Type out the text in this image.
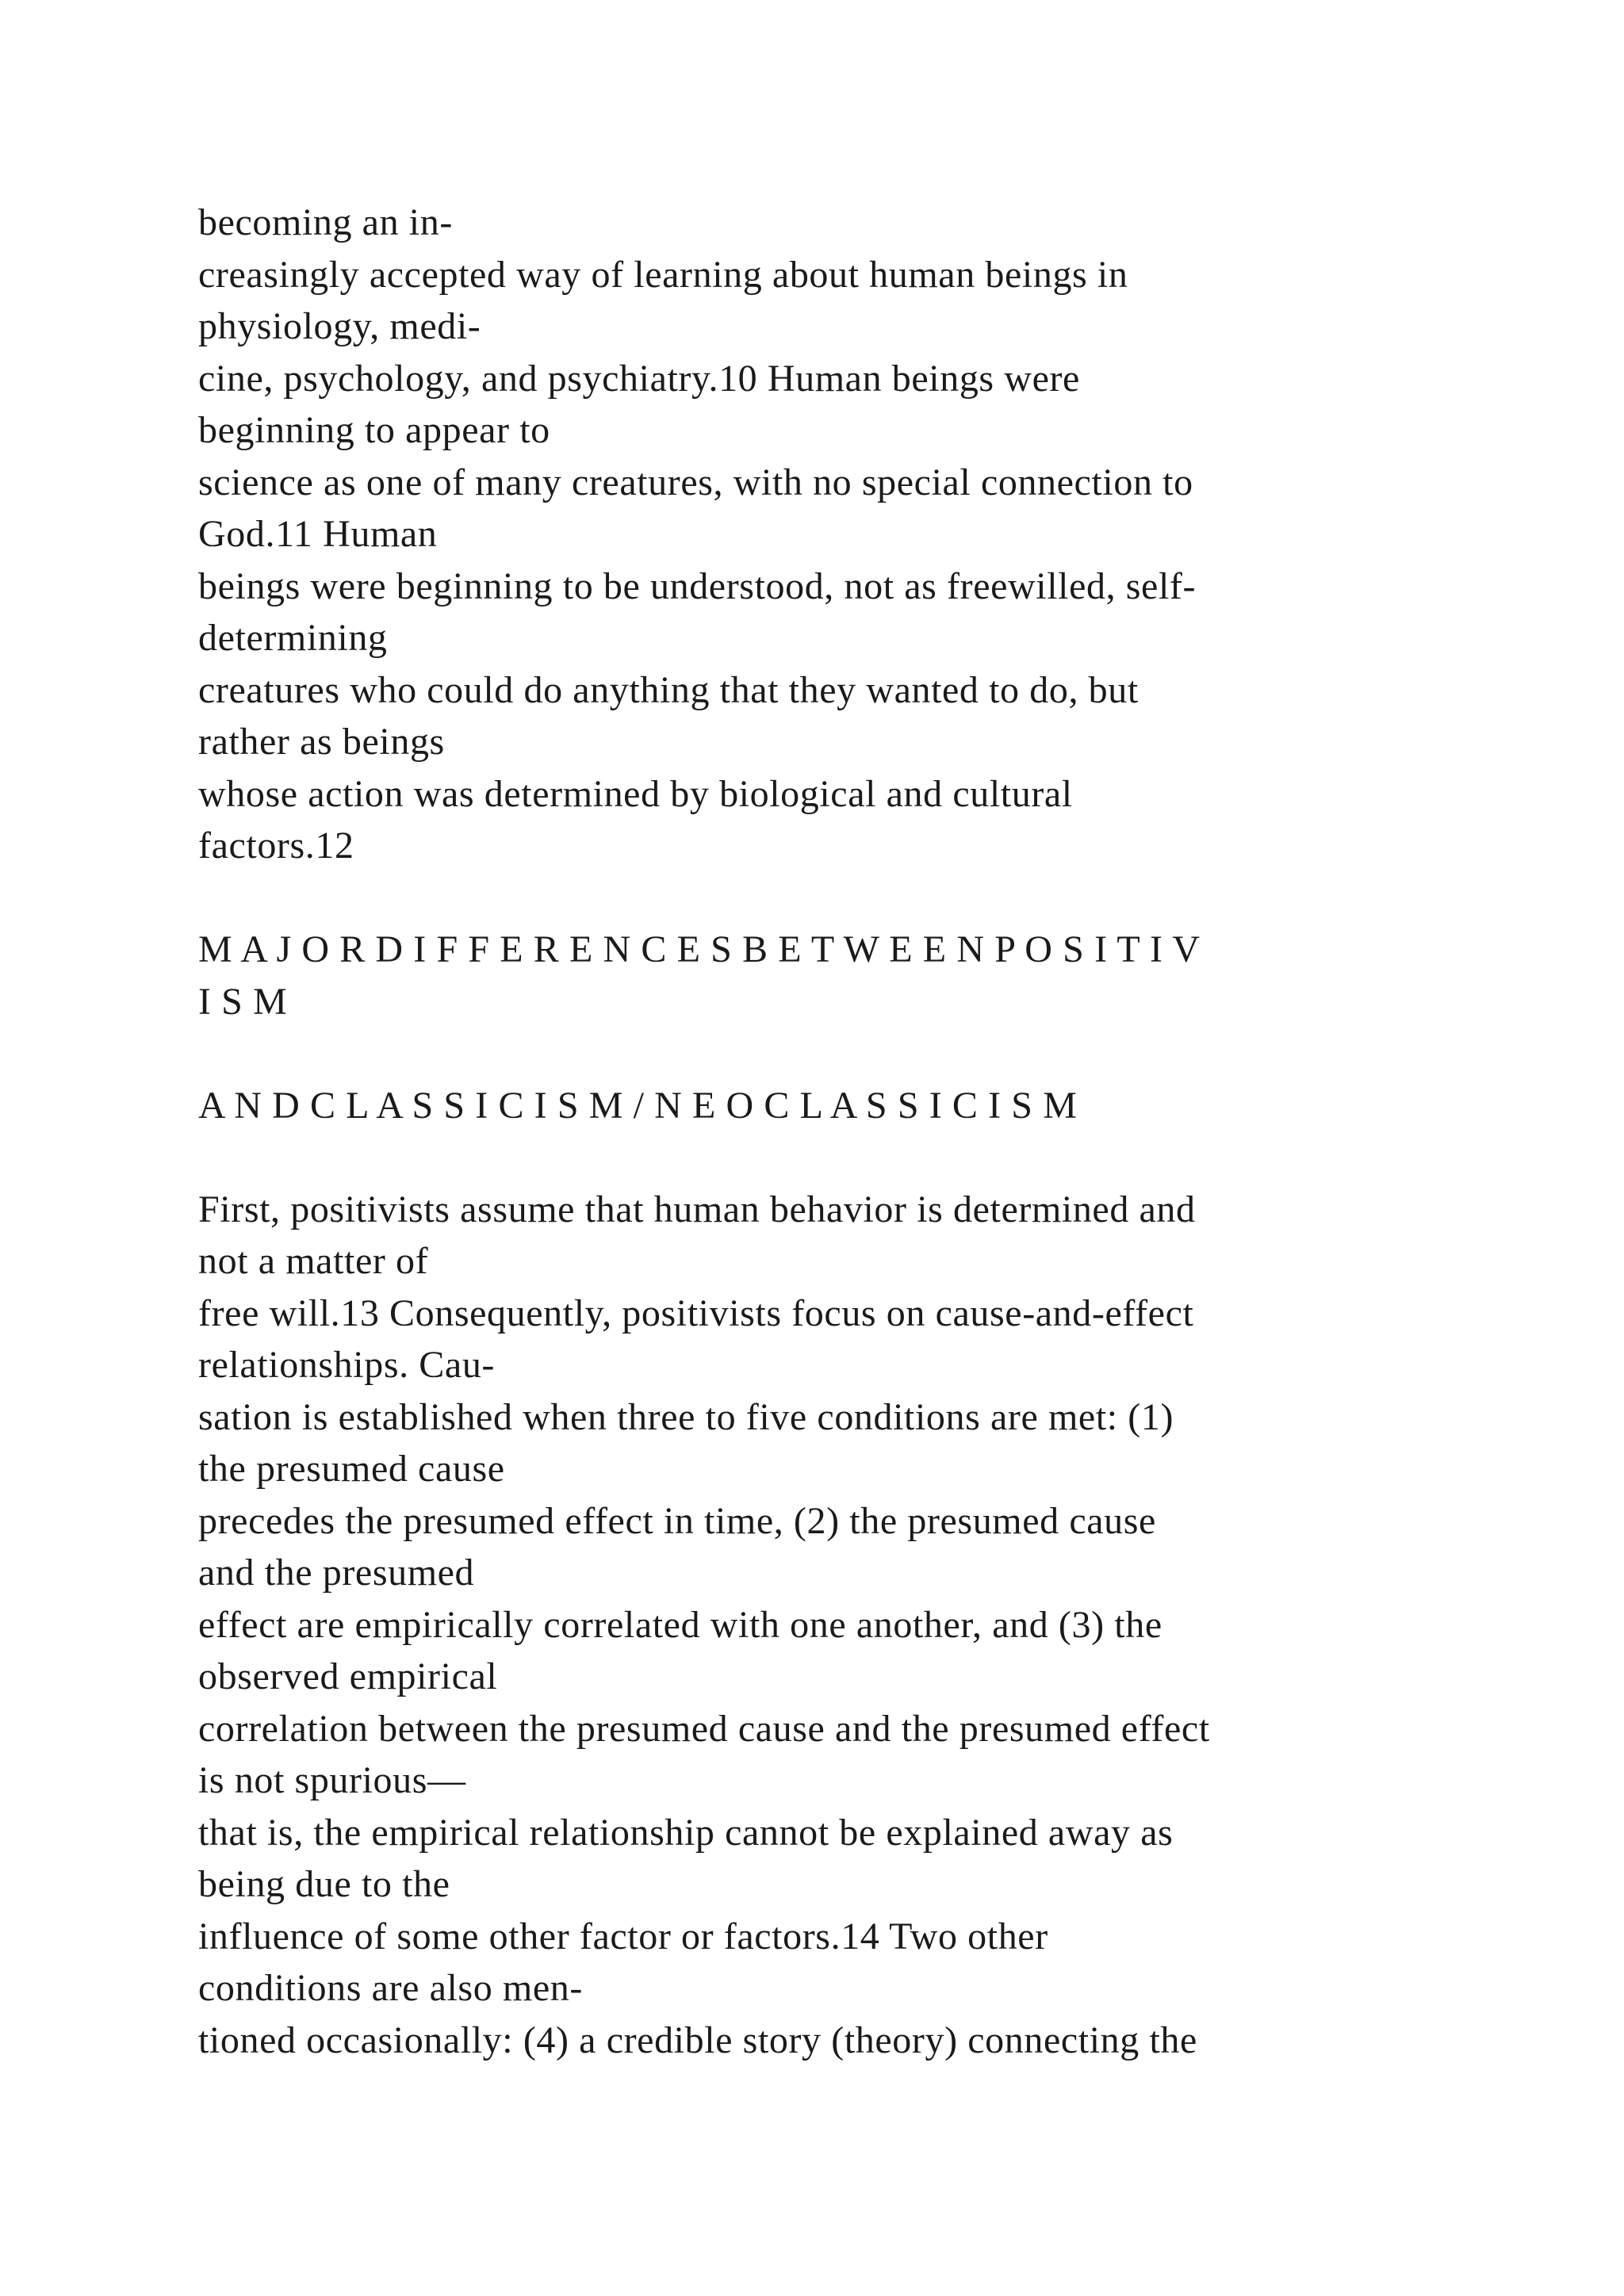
becoming an in-
creasingly accepted way of learning about human beings in
physiology, medi-
cine, psychology, and psychiatry.10 Human beings were
beginning to appear to
science as one of many creatures, with no special connection to
God.11 Human
beings were beginning to be understood, not as freewilled, self-
determining
creatures who could do anything that they wanted to do, but
rather as beings
whose action was determined by biological and cultural
factors.12
M A J O R D I F F E R E N C E S B E T W E E N P O S I T I V
I S M
A N D C L A S S I C I S M / N E O C L A S S I C I S M
First, positivists assume that human behavior is determined and
not a matter of
free will.13 Consequently, positivists focus on cause-and-effect
relationships. Cau-
sation is established when three to five conditions are met: (1)
the presumed cause
precedes the presumed effect in time, (2) the presumed cause
and the presumed
effect are empirically correlated with one another, and (3) the
observed empirical
correlation between the presumed cause and the presumed effect
is not spurious—
that is, the empirical relationship cannot be explained away as
being due to the
influence of some other factor or factors.14 Two other
conditions are also men-
tioned occasionally: (4) a credible story (theory) connecting the
